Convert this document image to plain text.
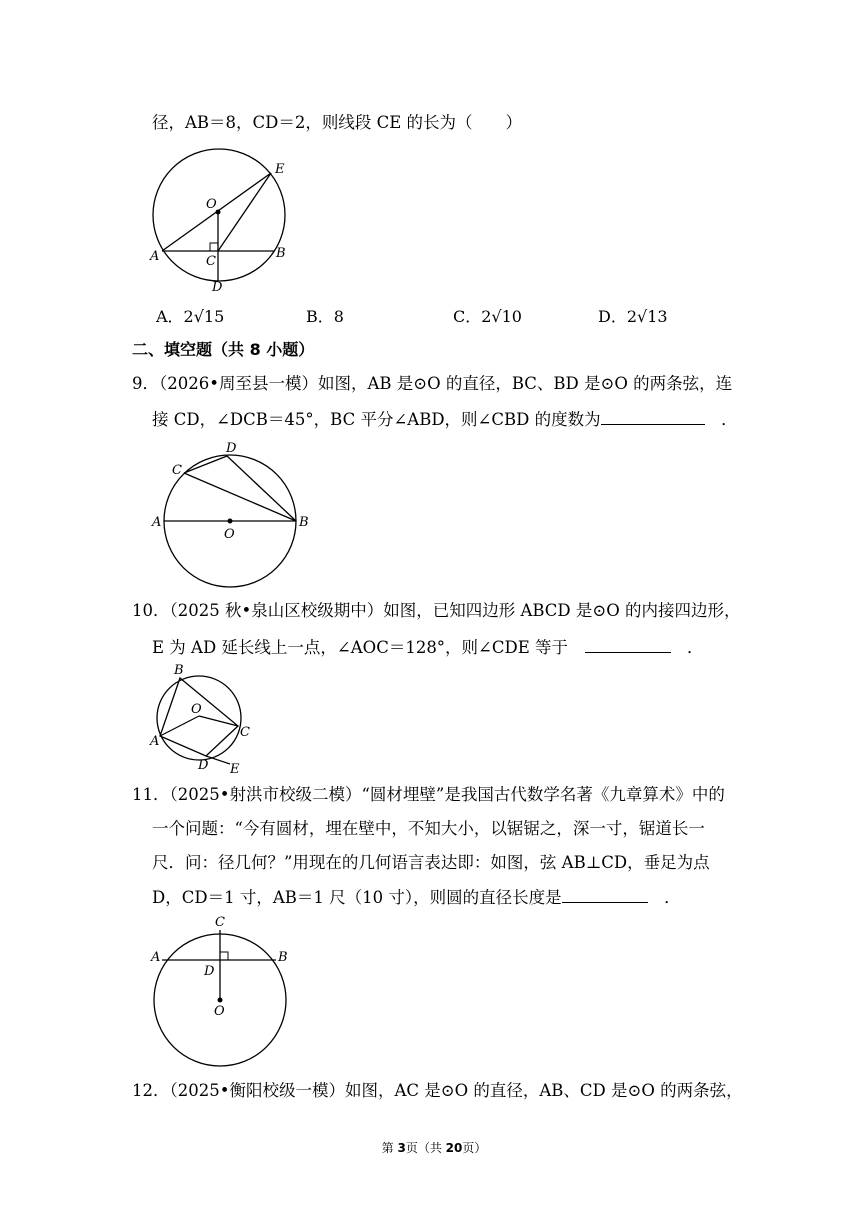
径，AB＝8，CD＝2，则线段 CE 的长为（　　）
A	B
C
D
E
O
A．2√15	B．8	C．2√10	D．2√13
二、填空题（共 8 小题）
9．（2026•周至县一模）如图，AB 是⊙O 的直径，BC、BD 是⊙O 的两条弦，连
接 CD，∠DCB＝45°，BC 平分∠ABD，则∠CBD 的度数为　	．
D
C
A
O
B
10．（2025 秋•泉山区校级期中）如图，已知四边形 ABCD 是⊙O 的内接四边形，
E 为 AD 延长线上一点，∠AOC＝128°，则∠CDE 等于　　	．
B
O
A
C
D E
11．（2025•射洪市校级二模）“圆材埋壁”是我国古代数学名著《九章算术》中的
一个问题：“今有圆材，埋在壁中，不知大小，以锯锯之，深一寸，锯道长一
尺．问：径几何？”用现在的几何语言表达即：如图，弦 AB⊥CD，垂足为点
D，CD＝1 寸，AB＝1 尺（10 寸），则圆的直径长度是　	．
C
A	B
D
O
12．（2025•衡阳校级一模）如图，AC 是⊙O 的直径，AB、CD 是⊙O 的两条弦，
第 3页（共 20页）
